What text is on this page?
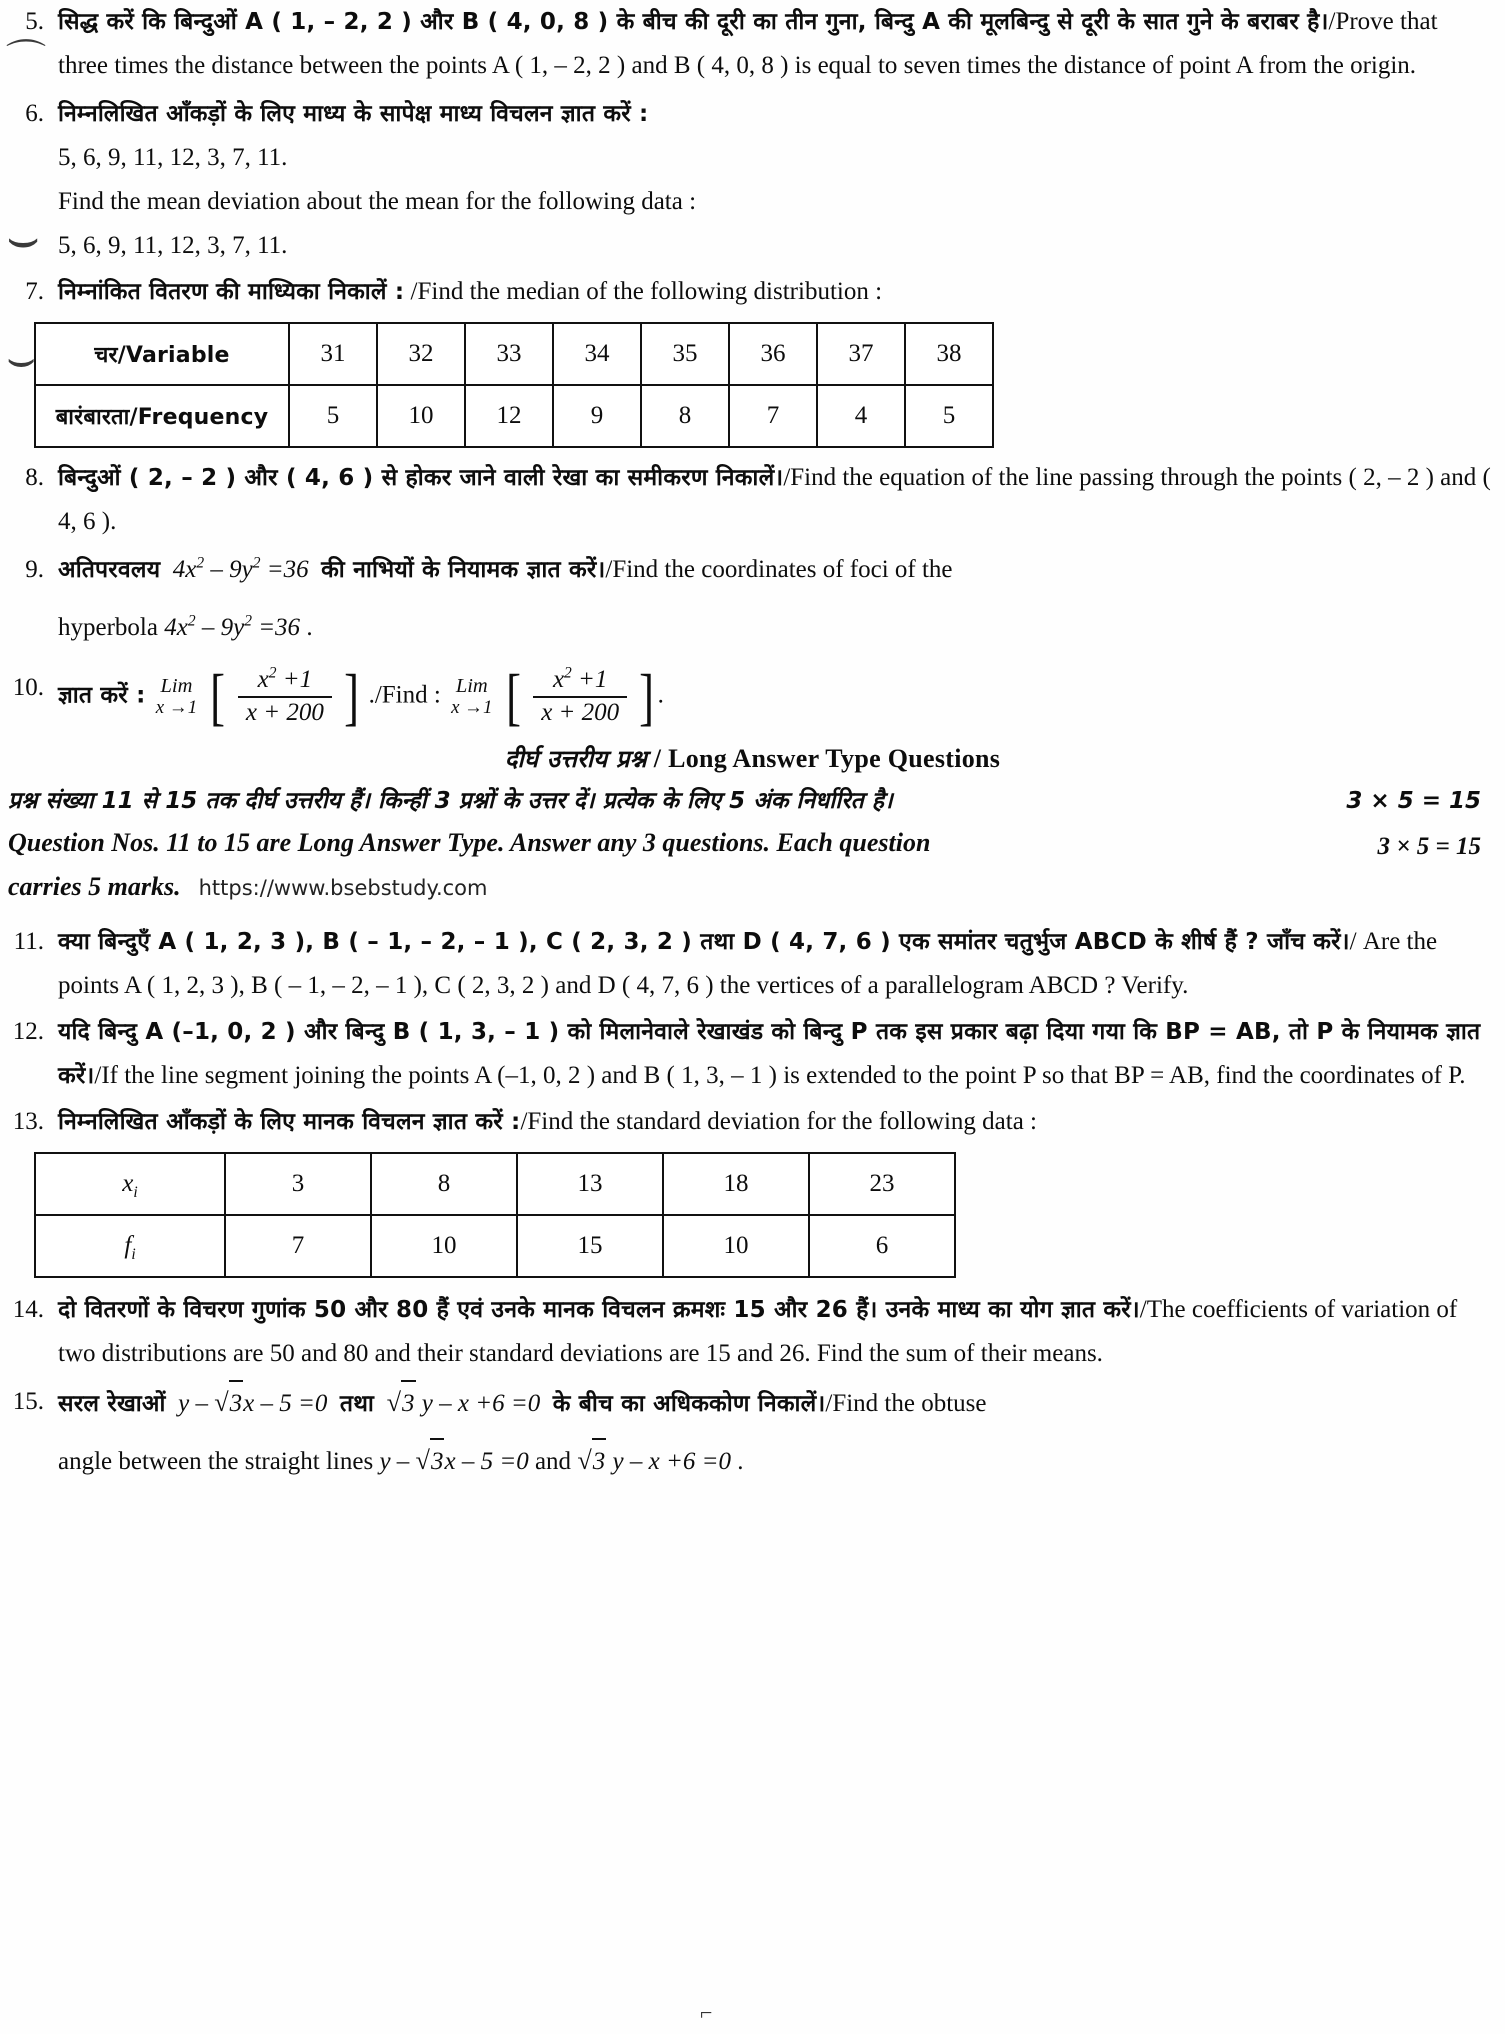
⌒
⌣
⌣
5. सिद्ध करें कि बिन्दुओं A ( 1, – 2, 2 ) और B ( 4, 0, 8 ) के बीच की दूरी का तीन गुना, बिन्दु A की मूलबिन्दु से दूरी के सात गुने के बराबर है।/Prove that three times the distance between the points A ( 1, – 2, 2 ) and B ( 4, 0, 8 ) is equal to seven times the distance of point A from the origin.
6. निम्नलिखित आँकड़ों के लिए माध्य के सापेक्ष माध्य विचलन ज्ञात करें :
5, 6, 9, 11, 12, 3, 7, 11.
Find the mean deviation about the mean for the following data :
5, 6, 9, 11, 12, 3, 7, 11.
7. निम्नांकित वितरण की माध्यिका निकालें : /Find the median of the following distribution :
चर/Variable	31	32	33	34	35	36	37	38
बारंबारता/Frequency	5	10	12	9	8	7	4	5
8. बिन्दुओं ( 2, – 2 ) और ( 4, 6 ) से होकर जाने वाली रेखा का समीकरण निकालें।/Find the equation of the line passing through the points ( 2, – 2 ) and ( 4, 6 ).
9. अतिपरवलय  $4x^2 - 9y^2 =36$  की नाभियों के नियामक ज्ञात करें।/Find the coordinates of foci of the
hyperbola $4x^2 - 9y^2 =36$ .
10. ज्ञात करें : Lim
x →1 [ $\frac{x^2 +1}{x + 200}$ ] ./Find : Lim
x →1 [ $\frac{x^2 +1}{x + 200}$ ] .
दीर्घ उत्तरीय प्रश्न / Long Answer Type Questions
प्रश्न संख्या 11 से 15 तक दीर्घ उत्तरीय हैं। किन्हीं 3 प्रश्नों के उत्तर दें। प्रत्येक के लिए 5 अंक निर्धारित है।	3 × 5 = 15
Question Nos. 11 to 15 are Long Answer Type. Answer any 3 questions. Each question
carries 5 marks. https://www.bsebstudy.com
3 × 5 = 15
11. क्या बिन्दुएँ A ( 1, 2, 3 ), B ( – 1, – 2, – 1 ), C ( 2, 3, 2 ) तथा D ( 4, 7, 6 ) एक समांतर चतुर्भुज ABCD के शीर्ष हैं ? जाँच करें।/ Are the points A ( 1, 2, 3 ), B ( – 1, – 2, – 1 ), C ( 2, 3, 2 ) and D ( 4, 7, 6 ) the vertices of a parallelogram ABCD ? Verify.
12. यदि बिन्दु A (–1, 0, 2 ) और बिन्दु B ( 1, 3, – 1 ) को मिलानेवाले रेखाखंड को बिन्दु P तक इस प्रकार बढ़ा दिया गया कि BP = AB, तो P के नियामक ज्ञात करें।/If the line segment joining the points A (–1, 0, 2 ) and B ( 1, 3, – 1 ) is extended to the point P so that BP = AB, find the coordinates of P.
13. निम्नलिखित आँकड़ों के लिए मानक विचलन ज्ञात करें :/Find the standard deviation for the following data :
$x_i$	3	8	13	18	23
$f_i$	7	10	15	10	6
14. दो वितरणों के विचरण गुणांक 50 और 80 हैं एवं उनके मानक विचलन क्रमशः 15 और 26 हैं। उनके माध्य का योग ज्ञात करें।/The coefficients of variation of two distributions are 50 and 80 and their standard deviations are 15 and 26. Find the sum of their means.
15. सरल रेखाओं y – √3x – 5 =0  तथा √3 y – x +6 =0  के बीच का अधिककोण निकालें।/Find the obtuse
angle between the straight lines y – √3x – 5 =0 and √3 y – x +6 =0 .
⌐
